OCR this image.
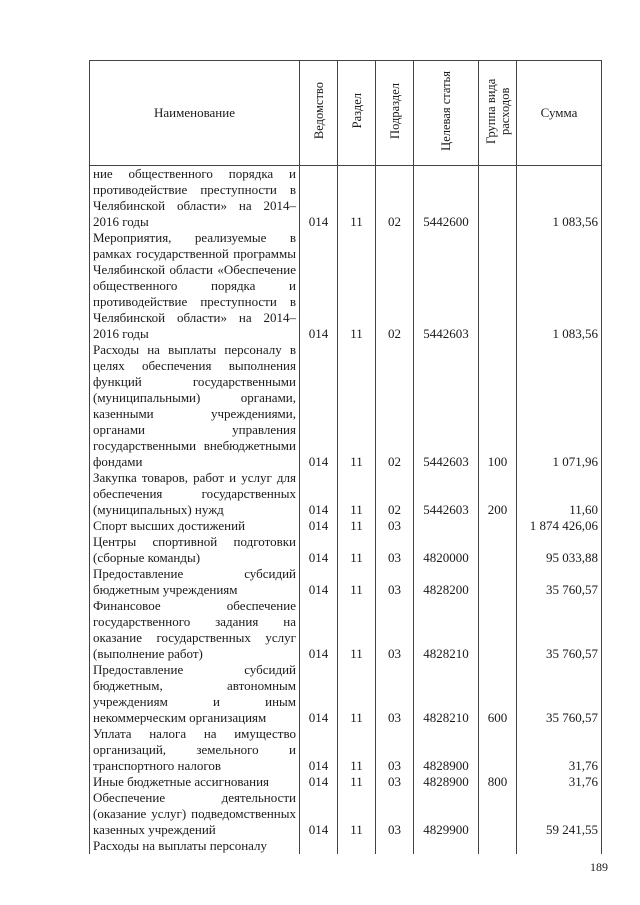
Наименование	Ведомство	Раздел	Подраздел	Целевая статья	Группа вида расходов	Сумма
ние общественного порядка и противодействие преступности в Челябинской области» на 2014–2016 годы	014	11	02	5442600		1 083,56
Мероприятия, реализуемые в рамках государственной программы Челябинской области «Обеспечение общественного порядка и противодействие преступности в Челябинской области» на 2014–2016 годы	014	11	02	5442603		1 083,56
Расходы на выплаты персоналу в целях обеспечения выполнения функций государственными (муниципальными) органами, казенными учреждениями, органами управления государственными внебюджетными фондами	014	11	02	5442603	100	1 071,96
Закупка товаров, работ и услуг для обеспечения государственных (муниципальных) нужд	014	11	02	5442603	200	11,60
Спорт высших достижений	014	11	03			1 874 426,06
Центры спортивной подготовки (сборные команды)	014	11	03	4820000		95 033,88
Предоставление субсидий бюджетным учреждениям	014	11	03	4828200		35 760,57
Финансовое обеспечение государственного задания на оказание государственных услуг (выполнение работ)	014	11	03	4828210		35 760,57
Предоставление субсидий бюджетным, автономным учреждениям и иным некоммерческим организациям	014	11	03	4828210	600	35 760,57
Уплата налога на имущество организаций, земельного и транспортного налогов	014	11	03	4828900		31,76
Иные бюджетные ассигнования	014	11	03	4828900	800	31,76
Обеспечение деятельности (оказание услуг) подведомственных казенных учреждений	014	11	03	4829900		59 241,55
Расходы на выплаты персоналу						
189
